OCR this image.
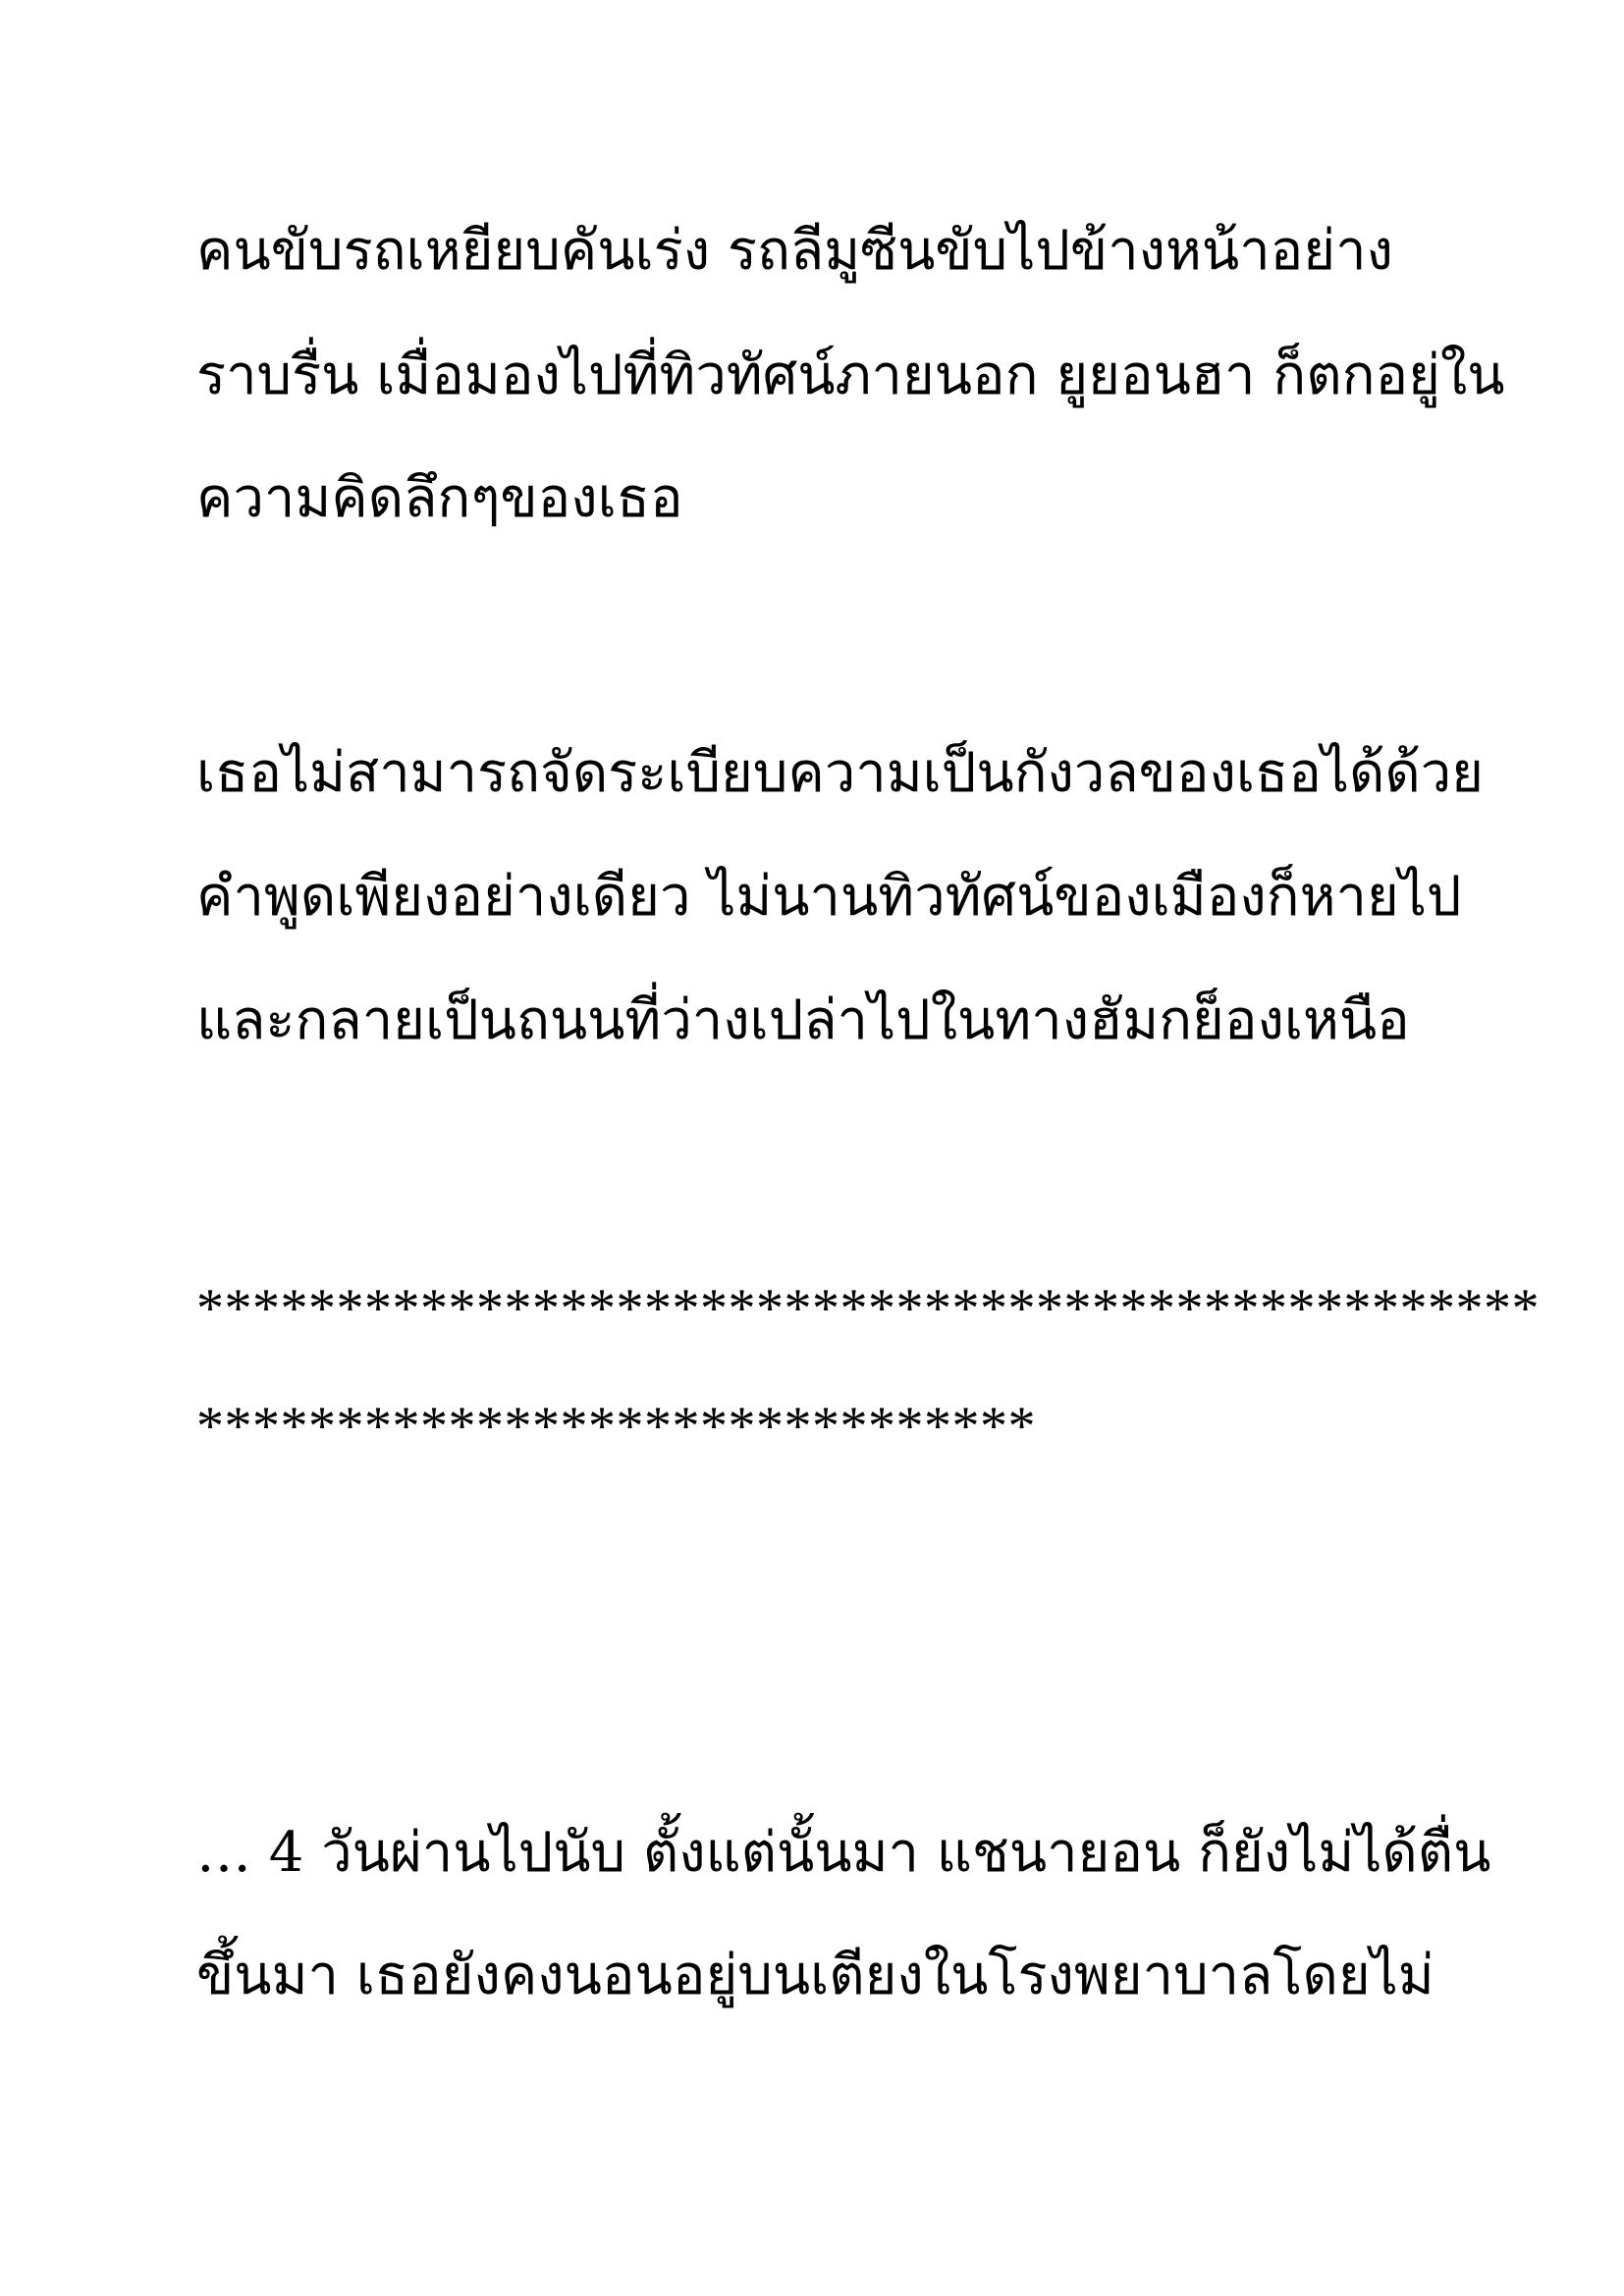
คนขับรถเหยียบคันเร่ง รถลีมูซีนขับไปข้างหน้าอย่าง

ราบรื่น เมื่อมองไปที่ทิวทัศน์ภายนอก ยูยอนฮา ก็ตกอยู่ใน

ความคิดลึกๆของเธอ

เธอไม่สามารถจัดระเบียบความเป็นกังวลของเธอได้ด้วย

คำพูดเพียงอย่างเดียว ไม่นานทิวทัศน์ของเมืองก็หายไป

และกลายเป็นถนนที่ว่างเปล่าไปในทางฮัมกย็องเหนือ

************************************************

******************************

… 4 วันผ่านไปนับ ตั้งแต่นั้นมา แชนายอน ก็ยังไม่ได้ตื่น

ขึ้นมา เธอยังคงนอนอยู่บนเตียงในโรงพยาบาลโดยไม่
